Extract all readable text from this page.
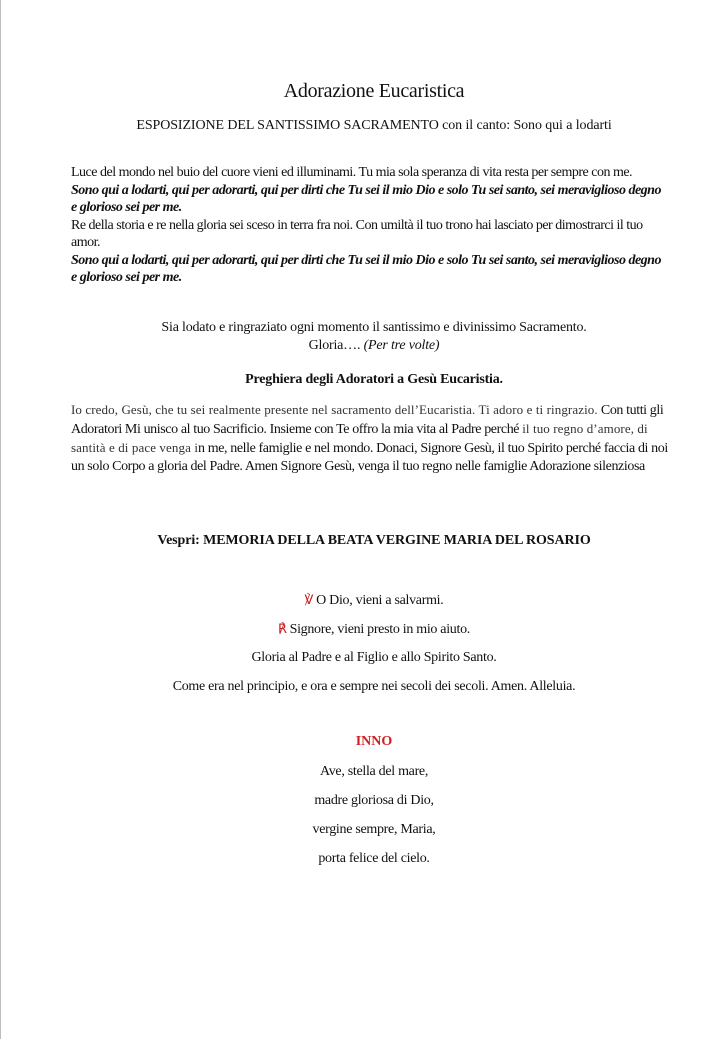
Adorazione Eucaristica
ESPOSIZIONE DEL SANTISSIMO SACRAMENTO con il canto: Sono qui a lodarti

Luce del mondo nel buio del cuore vieni ed illuminami. Tu mia sola speranza di vita resta per sempre con me.

Sono qui a lodarti, qui per adorarti, qui per dirti che Tu sei il mio Dio e solo Tu sei santo, sei meraviglioso degno e glorioso sei per me.

Re della storia e re nella gloria sei sceso in terra fra noi. Con umiltà il tuo trono hai lasciato per dimostrarci il tuo amor.

Sono qui a lodarti, qui per adorarti, qui per dirti che Tu sei il mio Dio e solo Tu sei santo, sei meraviglioso degno e glorioso sei per me.

Sia lodato e ringraziato ogni momento il santissimo e divinissimo Sacramento.

Gloria…. (Per tre volte)

Preghiera degli Adoratori a Gesù Eucaristia.

Io credo, Gesù, che tu sei realmente presente nel sacramento dell’Eucaristia. Ti adoro e ti ringrazio. Con tutti gli Adoratori Mi unisco al tuo Sacrificio. Insieme con Te offro la mia vita al Padre perché il tuo regno d’amore, di santità e di pace venga in me, nelle famiglie e nel mondo. Donaci, Signore Gesù, il tuo Spirito perché faccia di noi un solo Corpo a gloria del Padre. Amen Signore Gesù, venga il tuo regno nelle famiglie Adorazione silenziosa

Vespri: MEMORIA DELLA BEATA VERGINE MARIA DEL ROSARIO

℣ O Dio, vieni a salvarmi.

℟ Signore, vieni presto in mio aiuto.

Gloria al Padre e al Figlio e allo Spirito Santo.

Come era nel principio, e ora e sempre nei secoli dei secoli. Amen. Alleluia.

INNO

Ave, stella del mare,

madre gloriosa di Dio,

vergine sempre, Maria,

porta felice del cielo.
